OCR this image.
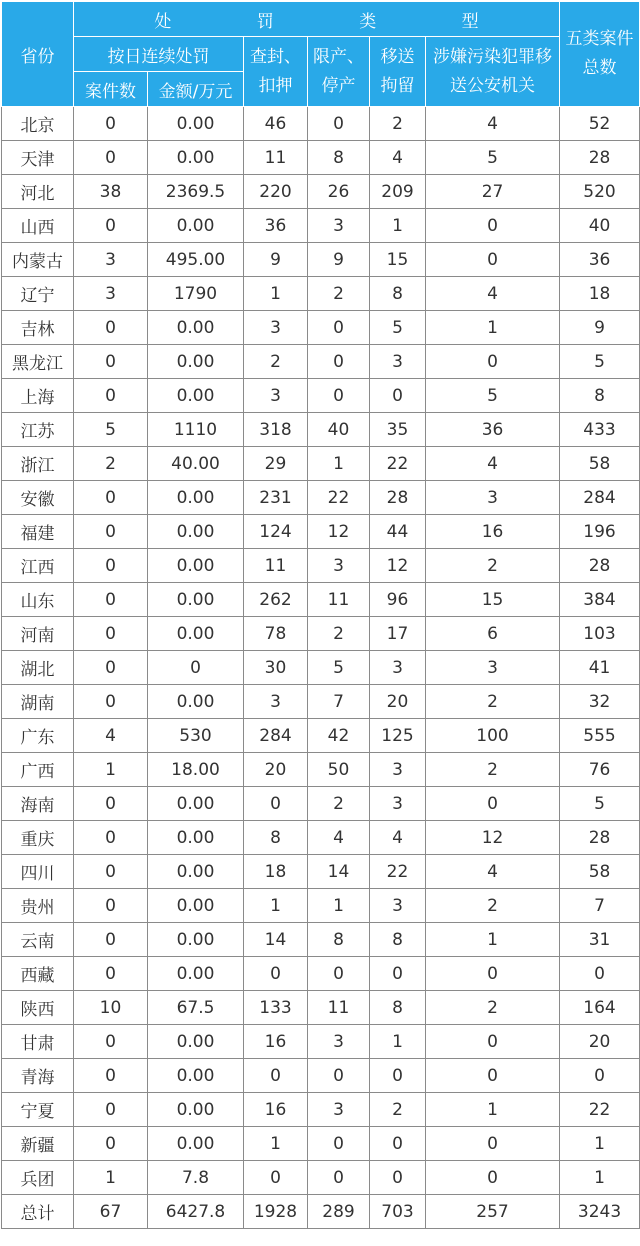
省份	处 罚 类 型						五类案件总数
	按日连续处罚		查封、扣押	限产、停产	移送拘留	涉嫌污染犯罪移送公安机关	
	案件数	金额/万元					
北京	0	0.00	46	0	2	4	52
天津	0	0.00	11	8	4	5	28
河北	38	2369.5	220	26	209	27	520
山西	0	0.00	36	3	1	0	40
内蒙古	3	495.00	9	9	15	0	36
辽宁	3	1790	1	2	8	4	18
吉林	0	0.00	3	0	5	1	9
黑龙江	0	0.00	2	0	3	0	5
上海	0	0.00	3	0	0	5	8
江苏	5	1110	318	40	35	36	433
浙江	2	40.00	29	1	22	4	58
安徽	0	0.00	231	22	28	3	284
福建	0	0.00	124	12	44	16	196
江西	0	0.00	11	3	12	2	28
山东	0	0.00	262	11	96	15	384
河南	0	0.00	78	2	17	6	103
湖北	0	0	30	5	3	3	41
湖南	0	0.00	3	7	20	2	32
广东	4	530	284	42	125	100	555
广西	1	18.00	20	50	3	2	76
海南	0	0.00	0	2	3	0	5
重庆	0	0.00	8	4	4	12	28
四川	0	0.00	18	14	22	4	58
贵州	0	0.00	1	1	3	2	7
云南	0	0.00	14	8	8	1	31
西藏	0	0.00	0	0	0	0	0
陕西	10	67.5	133	11	8	2	164
甘肃	0	0.00	16	3	1	0	20
青海	0	0.00	0	0	0	0	0
宁夏	0	0.00	16	3	2	1	22
新疆	0	0.00	1	0	0	0	1
兵团	1	7.8	0	0	0	0	1
总计	67	6427.8	1928	289	703	257	3243
